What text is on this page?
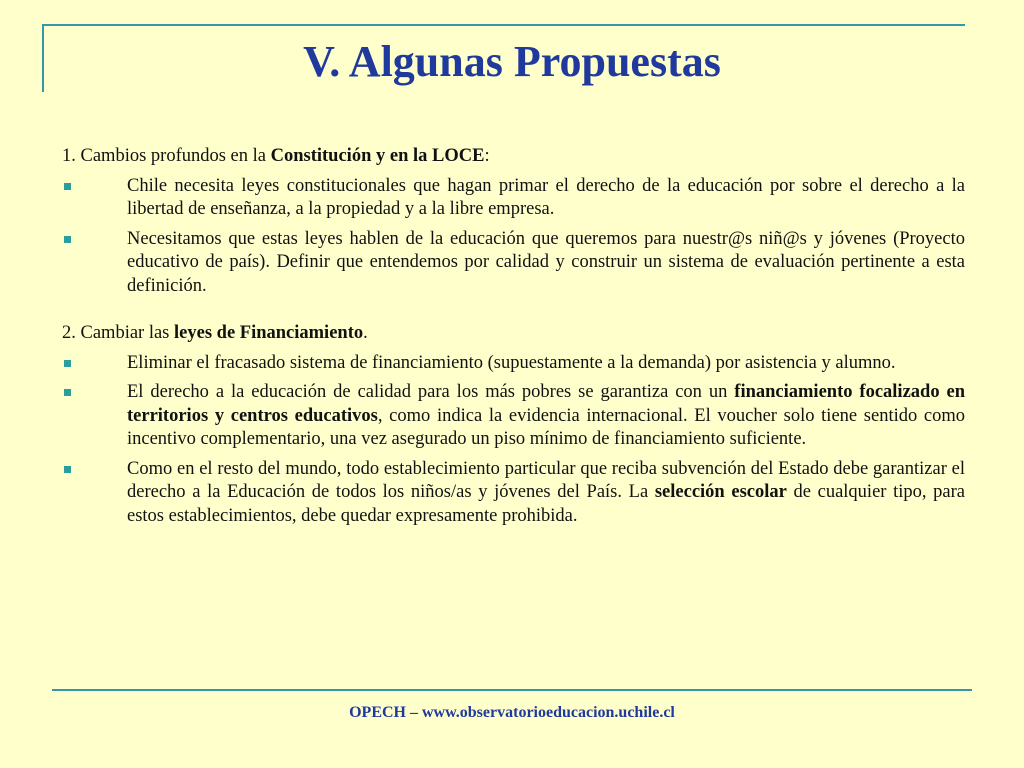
V. Algunas Propuestas

1. Cambios profundos en la Constitución y en la LOCE:

Chile necesita leyes constitucionales que hagan primar el derecho de la educación por sobre el derecho a la libertad de enseñanza, a la propiedad y a la libre empresa.
Necesitamos que estas leyes hablen de la educación que queremos para nuestr@s niñ@s y jóvenes (Proyecto educativo de país). Definir que entendemos por calidad y construir un sistema de evaluación pertinente a esta definición.

2. Cambiar las leyes de Financiamiento.

Eliminar el fracasado sistema de financiamiento (supuestamente a la demanda) por asistencia y alumno.
El derecho a la educación de calidad para los más pobres se garantiza con un financiamiento focalizado en territorios y centros educativos, como indica la evidencia internacional. El voucher solo tiene sentido como incentivo complementario, una vez asegurado un piso mínimo de financiamiento suficiente.
Como en el resto del mundo, todo establecimiento particular que reciba subvención del Estado debe garantizar el derecho a la Educación de todos los niños/as y jóvenes del País. La selección escolar de cualquier tipo, para estos establecimientos, debe quedar expresamente prohibida.
OPECH – www.observatorioeducacion.uchile.cl
